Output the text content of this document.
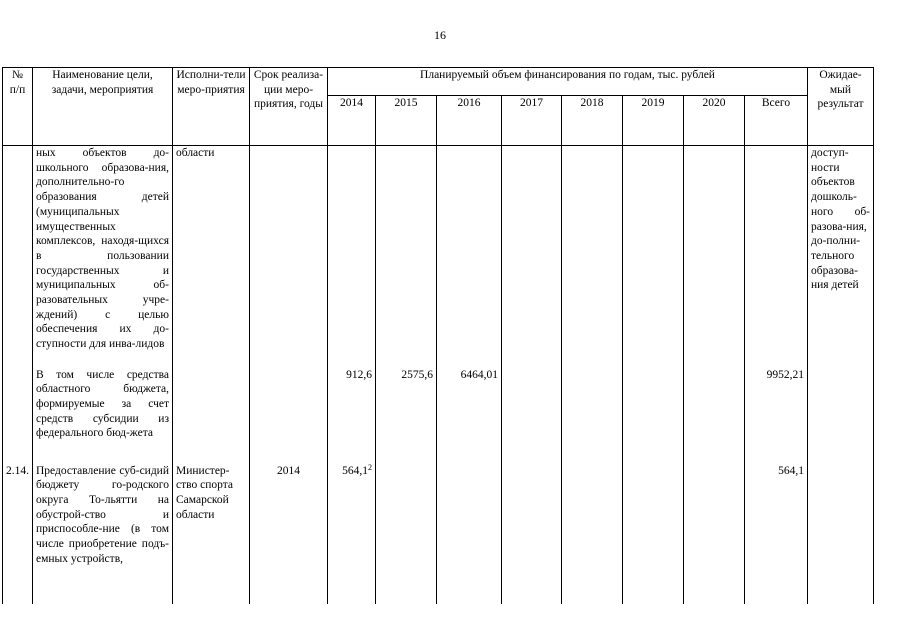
16
№ п/п	Наименование цели, задачи, мероприятия	Исполни-тели меро-приятия	Срок реализа-ции меро-приятия, годы	Планируемый объем финансирования по годам, тыс. рублей								Ожидае-мый результат
				2014	2015	2016	2017	2018	2019	2020	Всего	
	ных объектов до-школьного образова-ния, дополнительно-го образования детей (муниципальных имущественных комплексов, находя-щихся в пользовании государственных и муниципальных об-разовательных учре-ждений) с целью обеспечения их до-ступности для инва-лидов	области										доступ-ности объектов дошколь-ного об-разова-ния, до-полни-тельного образова-ния детей
	В том числе средства областного бюджета, формируемые за счет средств субсидии из федерального бюд-жета			912,6	2575,6	6464,01					9952,21	
2.14.	Предоставление суб-сидий бюджету го-родского округа То-льятти на обустрой-ство и приспособле-ние (в том числе приобретение подъ-емных устройств,	Министер-ство спорта Самарской области	2014	564,1$^2$							564,1	
